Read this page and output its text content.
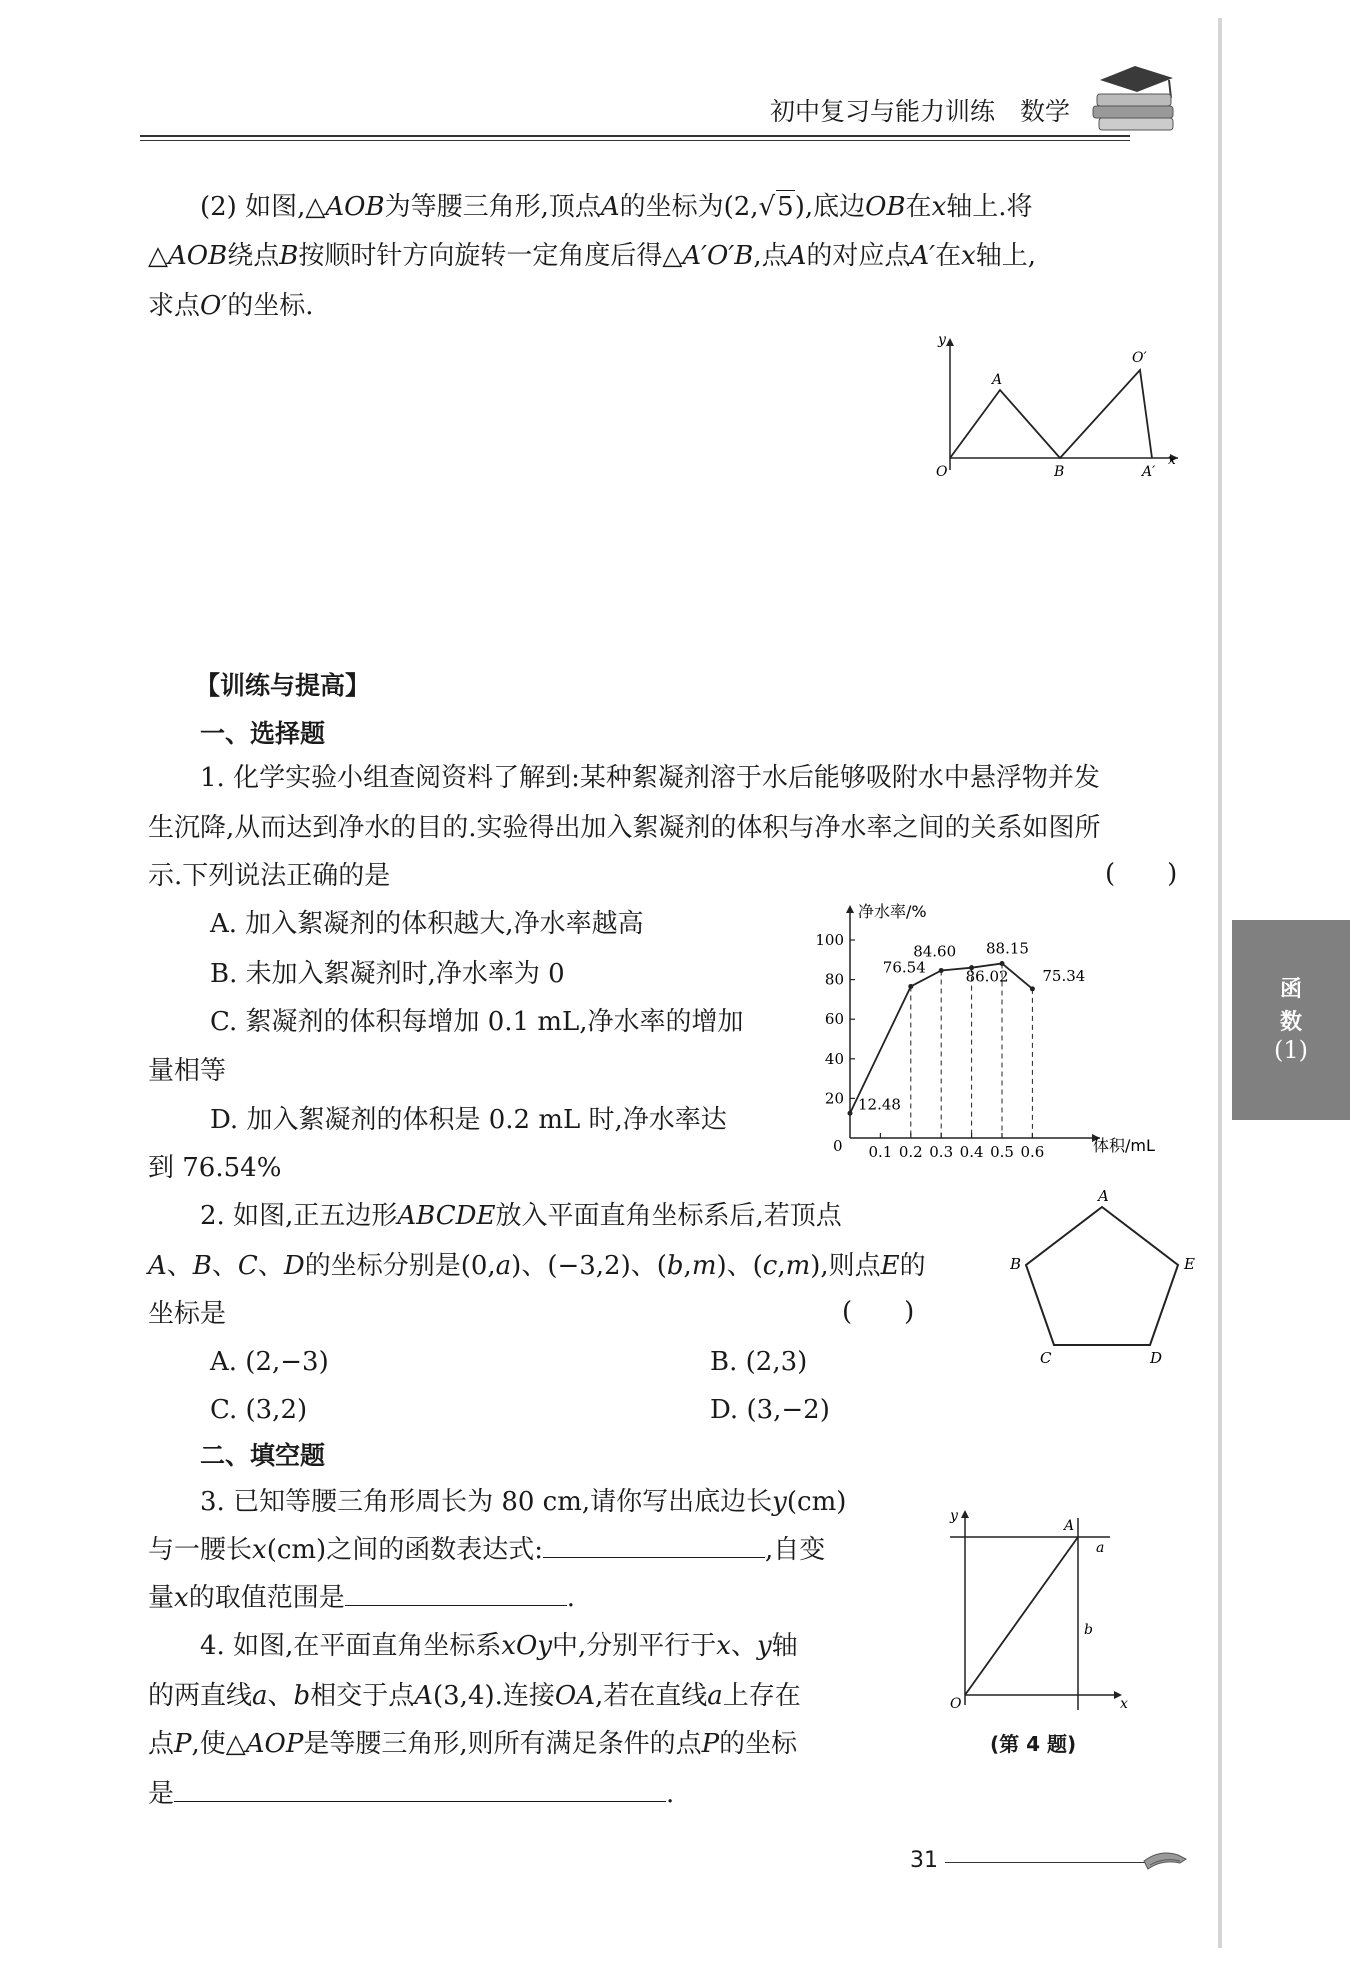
初中复习与能力训练　数学
函
数
(1)
(2) 如图,△AOB为等腰三角形,顶点A的坐标为(2,√5),底边OB在x轴上.将
△AOB绕点B按顺时针方向旋转一定角度后得△A′O′B,点A的对应点A′在x轴上,
求点O′的坐标.
y
x
O
A
B
O′
A′
【训练与提高】
一、选择题
1. 化学实验小组查阅资料了解到:某种絮凝剂溶于水后能够吸附水中悬浮物并发
生沉降,从而达到净水的目的.实验得出加入絮凝剂的体积与净水率之间的关系如图所
示.下列说法正确的是	(　　)
A. 加入絮凝剂的体积越大,净水率越高
B. 未加入絮凝剂时,净水率为 0
C. 絮凝剂的体积每增加 0.1 mL,净水率的增加
量相等
D. 加入絮凝剂的体积是 0.2 mL 时,净水率达
到 76.54%
20
40
60
80
100
0.1 0.2 0.3 0.4 0.5 0.6
12.48
76.54
84.60
86.02
88.15
75.34
净水率/%
体积/mL
0
2. 如图,正五边形ABCDE放入平面直角坐标系后,若顶点
A、B、C、D的坐标分别是(0,a)、(−3,2)、(b,m)、(c,m),则点E的
坐标是	(　　)
A. (2,−3)	B. (2,3)
C. (3,2)	D. (3,−2)
A
B
C	D
E
二、填空题
3. 已知等腰三角形周长为 80 cm,请你写出底边长y(cm)
与一腰长x(cm)之间的函数表达式:	,自变
量x的取值范围是	.
4. 如图,在平面直角坐标系xOy中,分别平行于x、y轴
的两直线a、b相交于点A(3,4).连接OA,若在直线a上存在
点P,使△AOP是等腰三角形,则所有满足条件的点P的坐标
是	.
y
x
O
A
a
b
(第 4 题)
31
